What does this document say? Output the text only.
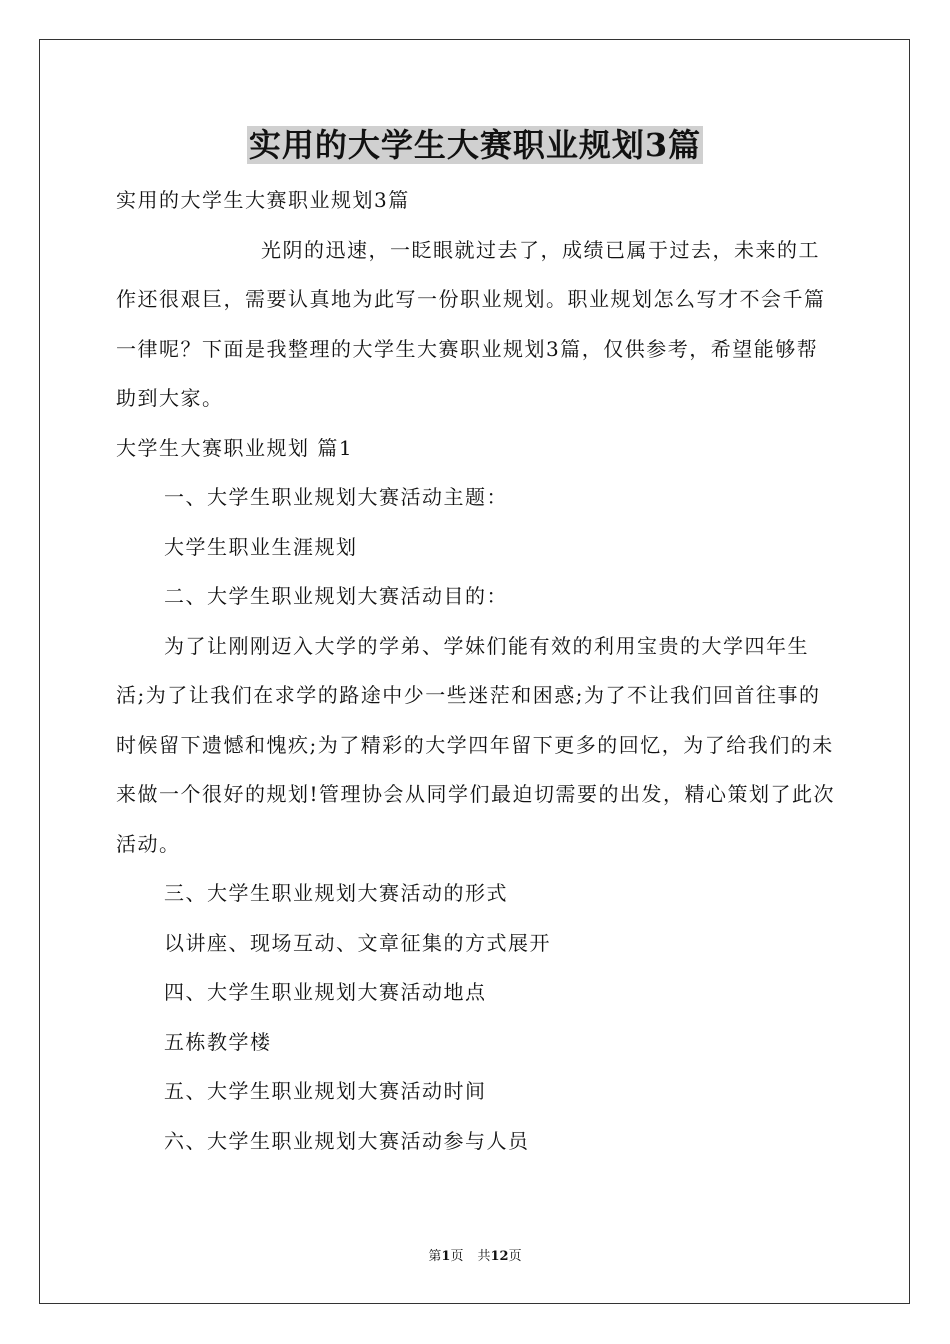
实用的大学生大赛职业规划3篇

实用的大学生大赛职业规划3篇

光阴的迅速，一眨眼就过去了，成绩已属于过去，未来的工作还很艰巨，需要认真地为此写一份职业规划。职业规划怎么写才不会千篇一律呢？下面是我整理的大学生大赛职业规划3篇，仅供参考，希望能够帮助到大家。

大学生大赛职业规划 篇1

一、大学生职业规划大赛活动主题：

大学生职业生涯规划

二、大学生职业规划大赛活动目的：

为了让刚刚迈入大学的学弟、学妹们能有效的利用宝贵的大学四年生活;为了让我们在求学的路途中少一些迷茫和困惑;为了不让我们回首往事的时候留下遗憾和愧疚;为了精彩的大学四年留下更多的回忆，为了给我们的未来做一个很好的规划!管理协会从同学们最迫切需要的出发，精心策划了此次活动。

三、大学生职业规划大赛活动的形式

以讲座、现场互动、文章征集的方式展开

四、大学生职业规划大赛活动地点

五栋教学楼

五、大学生职业规划大赛活动时间

六、大学生职业规划大赛活动参与人员

第1页 共12页
